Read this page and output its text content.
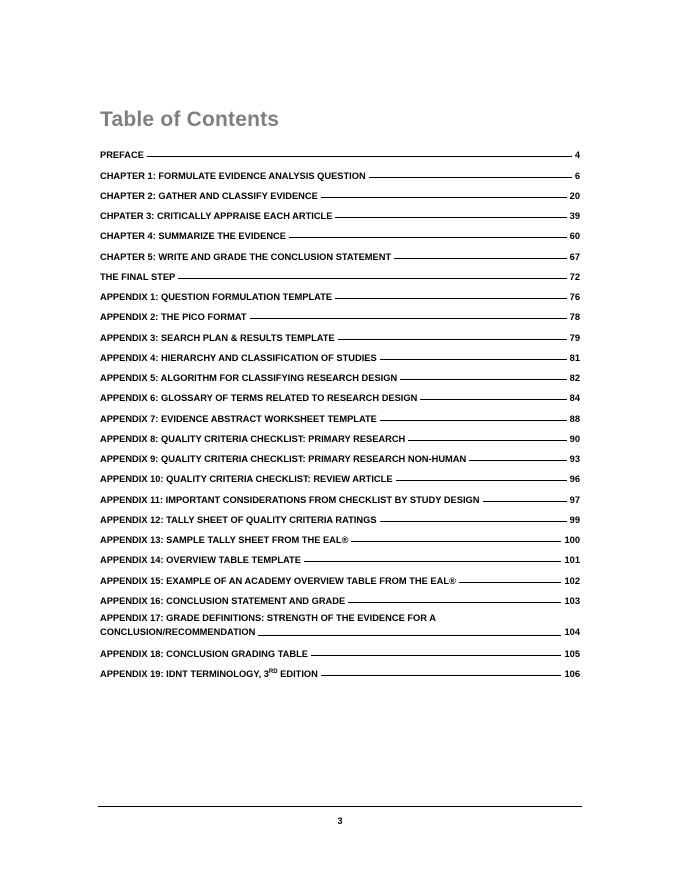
Table of Contents
PREFACE	4
CHAPTER 1: FORMULATE EVIDENCE ANALYSIS QUESTION	6
CHAPTER 2: GATHER AND CLASSIFY EVIDENCE	20
CHPATER 3: CRITICALLY APPRAISE EACH ARTICLE	39
CHAPTER 4: SUMMARIZE THE EVIDENCE	60
CHAPTER 5: WRITE AND GRADE THE CONCLUSION STATEMENT	67
THE FINAL STEP	72
APPENDIX 1: QUESTION FORMULATION TEMPLATE	76
APPENDIX 2: THE PICO FORMAT	78
APPENDIX 3: SEARCH PLAN & RESULTS TEMPLATE	79
APPENDIX 4: HIERARCHY AND CLASSIFICATION OF STUDIES	81
APPENDIX 5: ALGORITHM FOR CLASSIFYING RESEARCH DESIGN	82
APPENDIX 6: GLOSSARY OF TERMS RELATED TO RESEARCH DESIGN	84
APPENDIX 7: EVIDENCE ABSTRACT WORKSHEET TEMPLATE	88
APPENDIX 8: QUALITY CRITERIA CHECKLIST: PRIMARY RESEARCH	90
APPENDIX 9: QUALITY CRITERIA CHECKLIST: PRIMARY RESEARCH NON-HUMAN	93
APPENDIX 10: QUALITY CRITERIA CHECKLIST: REVIEW ARTICLE	96
APPENDIX 11: IMPORTANT CONSIDERATIONS FROM CHECKLIST BY STUDY DESIGN	97
APPENDIX 12: TALLY SHEET OF QUALITY CRITERIA RATINGS	99
APPENDIX 13: SAMPLE TALLY SHEET FROM THE EAL®	100
APPENDIX 14: OVERVIEW TABLE TEMPLATE	101
APPENDIX 15: EXAMPLE OF AN ACADEMY OVERVIEW TABLE FROM THE EAL®	102
APPENDIX 16: CONCLUSION STATEMENT AND GRADE	103
APPENDIX 17: GRADE DEFINITIONS: STRENGTH OF THE EVIDENCE FOR A
CONCLUSION/RECOMMENDATION	104
APPENDIX 18: CONCLUSION GRADING TABLE	105
APPENDIX 19: IDNT TERMINOLOGY, 3RD EDITION	106
3
